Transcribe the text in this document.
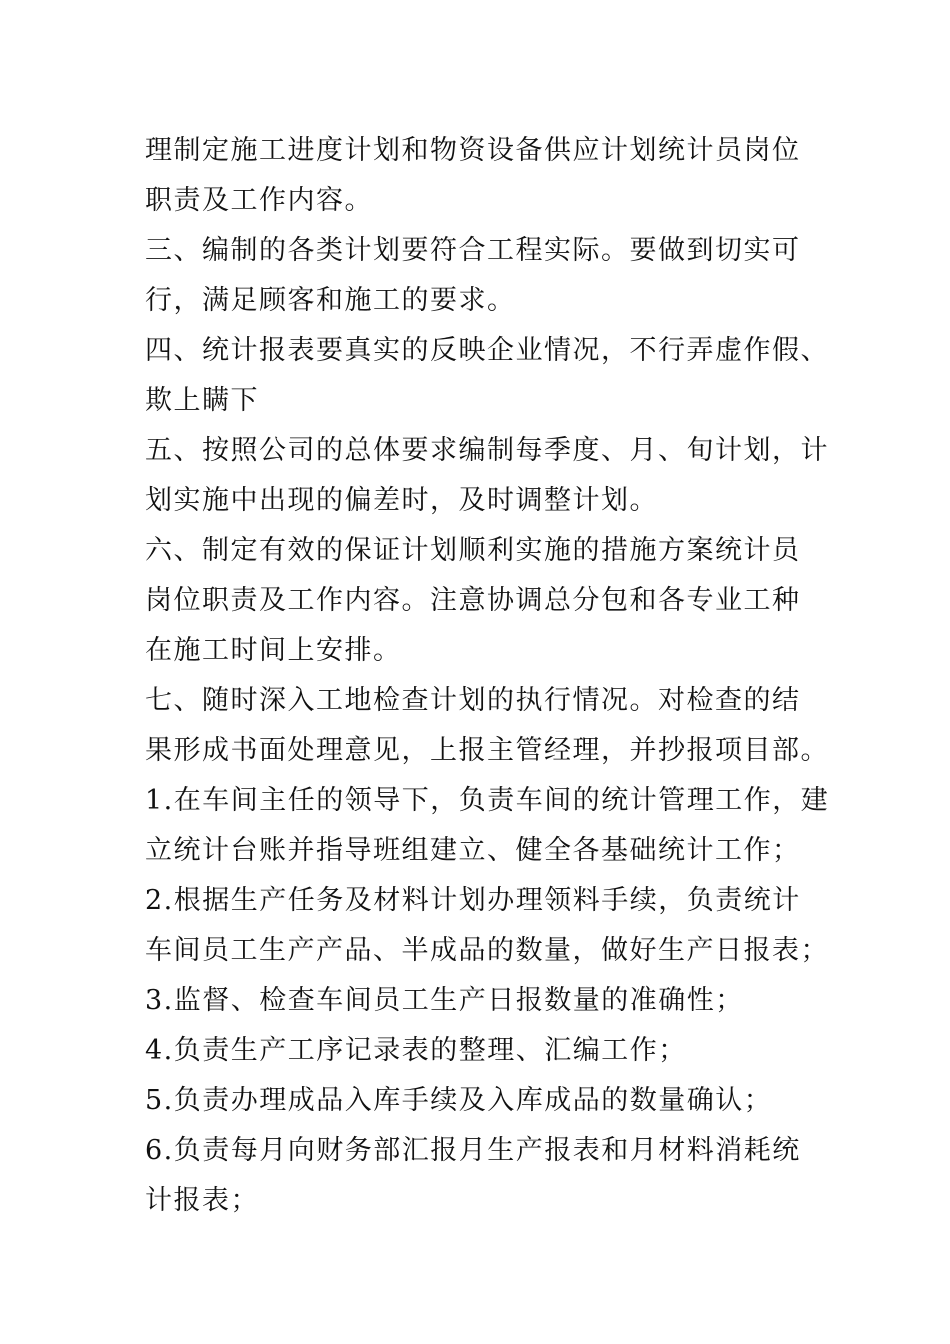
理制定施工进度计划和物资设备供应计划统计员岗位
职责及工作内容。
三、编制的各类计划要符合工程实际。要做到切实可
行，满足顾客和施工的要求。
四、统计报表要真实的反映企业情况，不行弄虚作假、
欺上瞒下
五、按照公司的总体要求编制每季度、月、旬计划，计
划实施中出现的偏差时，及时调整计划。
六、制定有效的保证计划顺利实施的措施方案统计员
岗位职责及工作内容。注意协调总分包和各专业工种
在施工时间上安排。
七、随时深入工地检查计划的执行情况。对检查的结
果形成书面处理意见，上报主管经理，并抄报项目部。
1.在车间主任的领导下，负责车间的统计管理工作，建
立统计台账并指导班组建立、健全各基础统计工作；
2.根据生产任务及材料计划办理领料手续，负责统计
车间员工生产产品、半成品的数量，做好生产日报表；
3.监督、检查车间员工生产日报数量的准确性；
4.负责生产工序记录表的整理、汇编工作；
5.负责办理成品入库手续及入库成品的数量确认；
6.负责每月向财务部汇报月生产报表和月材料消耗统
计报表；
